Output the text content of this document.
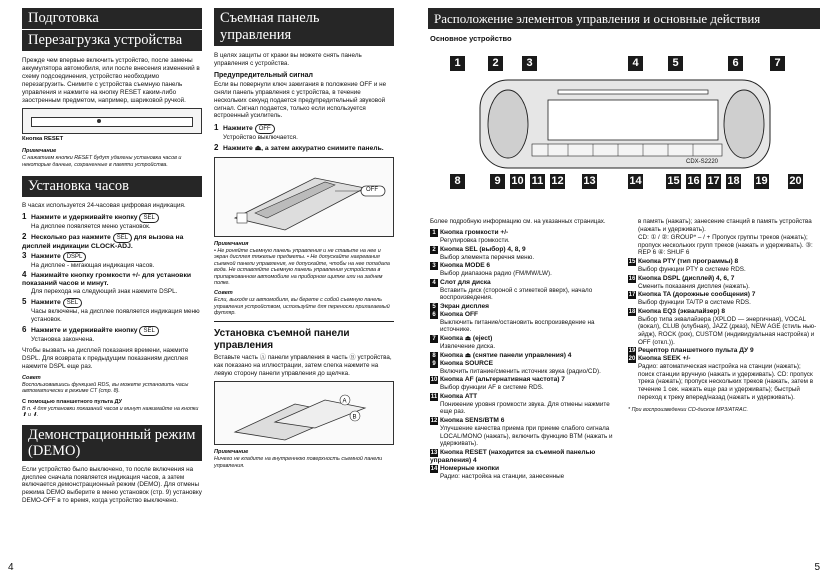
Подготовка
Перезагрузка устройства

Прежде чем впервые включить устройство, после замены аккумулятора автомобиля, или после внесения изменений в схему подсоединения, устройство необходимо перезагрузить. Снимите с устройства съемную панель управления и нажмите на кнопку RESET каким-либо заостренным предметом, например, шариковой ручкой.

Кнопка RESET

Примечание

С нажатием кнопки RESET будут удалены установка часов и некоторые данные, сохраненные в памяти устройства.

Установка часов

В часах используется 24-часовая цифровая индикация.

1 Нажмите и удерживайте кнопку SEL

На дисплее появляется меню установок.

2 Несколько раз нажмите SEL для вызова на дисплей индикации CLOCK-ADJ.

3 Нажмите DSPL

На дисплее - мигающая индикация часов.

4 Нажимайте кнопку громкости +/- для установки показаний часов и минут.

Для перехода на следующий знак нажмите DSPL.

5 Нажмите SEL

Часы включены, на дисплее появляется индикация меню установок.

6 Нажмите и удерживайте кнопку SEL

Установка закончена.

Чтобы вызвать на дисплей показания времени, нажмите DSPL. Для возврата к предыдущим показаниям дисплея нажмите DSPL еще раз.

Совет

Воспользовавшись функцией RDS, вы можете установить часы автоматически в режиме CT (стр. 8).

С помощью планшетного пульта ДУ

В п. 4 для установки показаний часов и минут нажимайте на кнопки ⬆ и ⬇.

Демонстрационный режим (DEMO)

Если устройство было выключено, то после включения на дисплее сначала появляется индикация часов, а затем включается демонстрационный режим (DEMO). Для отмены режима DEMO выберите в меню установок (стр. 9) установку DEMO-OFF в то время, когда устройство выключено.

Съемная панель управления

В целях защиты от кражи вы можете снять панель управления с устройства.

Предупредительный сигнал

Если вы повернули ключ зажигания в положение OFF и не сняли панель управления с устройства, в течение нескольких секунд подается предупредительный звуковой сигнал. Сигнал подается, только если используется встроенный усилитель.

1 Нажмите OFF

Устройство выключается.

2 Нажмите ⏏, а затем аккуратно снимите панель.

OFF

Примечания

• Не роняйте съемную панель управления и не ставьте на нее и экран дисплея тяжелые предметы. • Не допускайте нагревания съемной панели управления, не допускайте, чтобы на нее попадала вода. Не оставляйте съемную панель управления устройства в припаркованном автомобиле на приборном щитке или на заднем полке.

Совет

Если, выходя из автомобиля, вы берете с собой съемную панель управления устройством, используйте для переноски прилагаемый футляр.

Установка съемной панели управления

Вставьте часть Ⓐ панели управления в часть Ⓑ устройства, как показано на иллюстрации, затем слегка нажмите на левую сторону панели управления до щелчка.

A
B

Примечание

Ничего не кладите на внутреннюю поверхность съемной панели управления.

4
Расположение элементов управления и основные действия

Основное устройство

CDX-S2220
1	2	3	4	5	6	7
8	9 10 11 12 13	14 15 16 17 18 19 20

Более подробную информацию см. на указанных страницах.

1 Кнопка громкости +/-

Регулировка громкости.

2 Кнопка SEL (выбор) 4, 8, 9

Выбор элемента перечня меню.

3 Кнопка MODE 6

Выбор диапазона радио (FM/MW/LW).

4 Слот для диска

Вставить диск (стороной с этикеткой вверх), начало воспроизведения.

5 Экран дисплея

6 Кнопка OFF

Выключить питание/остановить воспроизведение на источнике.

7 Кнопка ⏏ (eject)

Извлечение диска.

8 Кнопка ⏏ (снятие панели управления) 4

9 Кнопка SOURCE

Включить питание/сменить источник звука (радио/CD).

10 Кнопка AF (альтернативная частота) 7

Выбор функции AF в системе RDS.

11 Кнопка ATT

Понижение уровня громкости звука. Для отмены нажмите еще раз.

12 Кнопка SENS/BTM 6

Улучшение качества приема при приеме слабого сигнала LOCAL/MONO (нажать), включить функцию BTM (нажать и удерживать).

13 Кнопка RESET (находится за съемной панелью управления) 4

14 Номерные кнопки

Радио: настройка на станции, занесенные

в память (нажать); занесение станций в память устройства (нажать и удерживать).

CD: ① / ②: GROUP* – / + Пропуск группы треков (нажать); пропуск нескольких групп треков (нажать и удерживать). ③: REP 6 ④: SHUF 6

15 Кнопка PTY (тип программы) 8

Выбор функции PTY в системе RDS.

16 Кнопка DSPL (дисплей) 4, 6, 7

Сменить показания дисплея (нажать).

17 Кнопка TA (дорожные сообщения) 7

Выбор функции TA/TP в системе RDS.

18 Кнопка EQ3 (эквалайзер) 8

Выбор типа эквалайзера (XPLOD — энергичная), VOCAL (вокал), CLUB (клубная), JAZZ (джаз), NEW AGE (стиль нью-эйдж), ROCK (рок), CUSTOM (индивидуальная настройка) и OFF (откл.)).

19 Рецептор планшетного пульта ДУ 9

20 Кнопка SEEK +/-

Радио: автоматическая настройка на станции (нажать); поиск станции вручную (нажать и удерживать). CD: пропуск трека (нажать); пропуск нескольких треков (нажать, затем в течение 1 сек. нажать еще раз и удерживать); быстрый переход к треку вперед/назад (нажать и удерживать).

* При воспроизведении CD-дисков MP3/ATRAC.

5
